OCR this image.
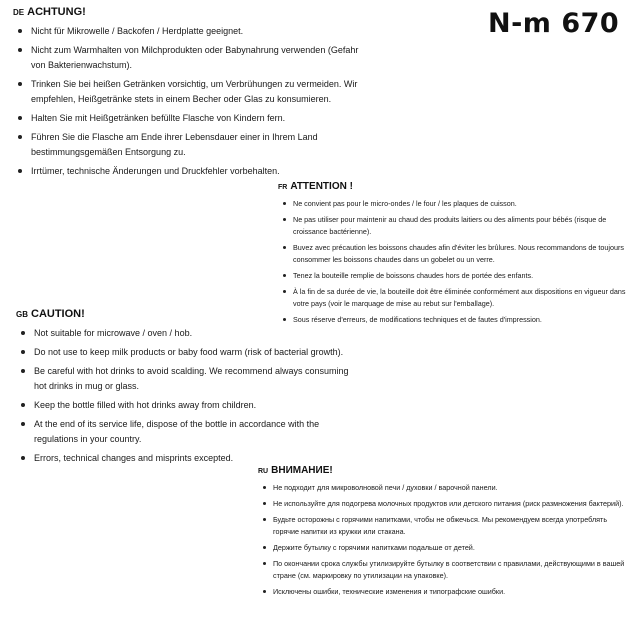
N-m 670
DE ACHTUNG!
Nicht für Mikrowelle / Backofen / Herdplatte geeignet.
Nicht zum Warmhalten von Milchprodukten oder Babynahrung verwenden (Gefahr von Bakterienwachstum).
Trinken Sie bei heißen Getränken vorsichtig, um Verbrühungen zu vermeiden. Wir empfehlen, Heißgetränke stets in einem Becher oder Glas zu konsumieren.
Halten Sie mit Heißgetränken befüllte Flasche von Kindern fern.
Führen Sie die Flasche am Ende ihrer Lebensdauer einer in Ihrem Land bestimmungsgemäßen Entsorgung zu.
Irrtümer, technische Änderungen und Druckfehler vorbehalten.
FR ATTENTION !
Ne convient pas pour le micro-ondes / le four / les plaques de cuisson.
Ne pas utiliser pour maintenir au chaud des produits laitiers ou des aliments pour bébés (risque de croissance bactérienne).
Buvez avec précaution les boissons chaudes afin d'éviter les brûlures. Nous recommandons de toujours consommer les boissons chaudes dans un gobelet ou un verre.
Tenez la bouteille remplie de boissons chaudes hors de portée des enfants.
À la fin de sa durée de vie, la bouteille doit être éliminée conformément aux dispositions en vigueur dans votre pays (voir le marquage de mise au rebut sur l'emballage).
Sous réserve d'erreurs, de modifications techniques et de fautes d'impression.
GB CAUTION!
Not suitable for microwave / oven / hob.
Do not use to keep milk products or baby food warm (risk of bacterial growth).
Be careful with hot drinks to avoid scalding. We recommend always consuming hot drinks in mug or glass.
Keep the bottle filled with hot drinks away from children.
At the end of its service life, dispose of the bottle in accordance with the regulations in your country.
Errors, technical changes and misprints excepted.
RU ВНИМАНИЕ!
Не подходит для микроволновой печи / духовки / варочной панели.
Не используйте для подогрева молочных продуктов или детского питания (риск размножения бактерий).
Будьте осторожны с горячими напитками, чтобы не обжечься. Мы рекомендуем всегда употреблять горячие напитки из кружки или стакана.
Держите бутылку с горячими напитками подальше от детей.
По окончании срока службы утилизируйте бутылку в соответствии с правилами, действующими в вашей стране (см. маркировку по утилизации на упаковке).
Исключены ошибки, технические изменения и типографские ошибки.
